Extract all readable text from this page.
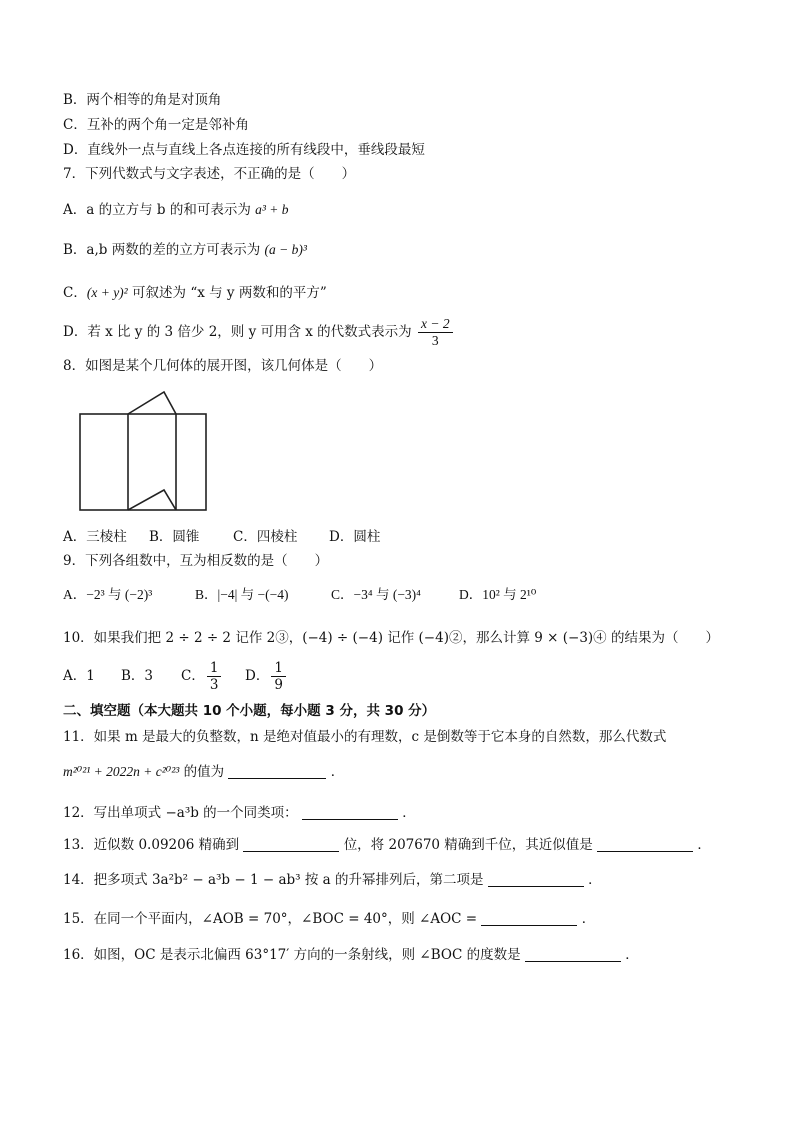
B．两个相等的角是对顶角
C．互补的两个角一定是邻补角
D．直线外一点与直线上各点连接的所有线段中，垂线段最短
7．下列代数式与文字表述，不正确的是（　　）
A．a 的立方与 b 的和可表示为 a³ + b
B．a,b 两数的差的立方可表示为 (a − b)³
C．(x + y)² 可叙述为 “x 与 y 两数和的平方”
D．若 x 比 y 的 3 倍少 2，则 y 可用含 x 的代数式表示为 $\frac{x - 2}{3}$
8．如图是某个几何体的展开图，该几何体是（　　）
A．三棱柱 B．圆锥 C．四棱柱 D．圆柱
9．下列各组数中，互为相反数的是（　　）
A．−2³ 与 (−2)³	B．|−4| 与 −(−4)	C．−3⁴ 与 (−3)⁴	D．10² 与 2¹⁰
10．如果我们把 2 ÷ 2 ÷ 2 记作 2③，(−4) ÷ (−4) 记作 (−4)②，那么计算 9 × (−3)④ 的结果为（　　）
A．1 B．3 C． $\frac{1}{3}$ D． $\frac{1}{9}$
二、填空题（本大题共 10 个小题，每小题 3 分，共 30 分）
11．如果 m 是最大的负整数，n 是绝对值最小的有理数，c 是倒数等于它本身的自然数，那么代数式
m²⁰²¹ + 2022n + c²⁰²³ 的值为	．
12．写出单项式 −a³b 的一个同类项：	．
13．近似数 0.09206 精确到	位，将 207670 精确到千位，其近似值是	．
14．把多项式 3a²b² − a³b − 1 − ab³ 按 a 的升幂排列后，第二项是	．
15．在同一个平面内，∠AOB = 70°，∠BOC = 40°，则 ∠AOC =	．
16．如图，OC 是表示北偏西 63°17′ 方向的一条射线，则 ∠BOC 的度数是	．
